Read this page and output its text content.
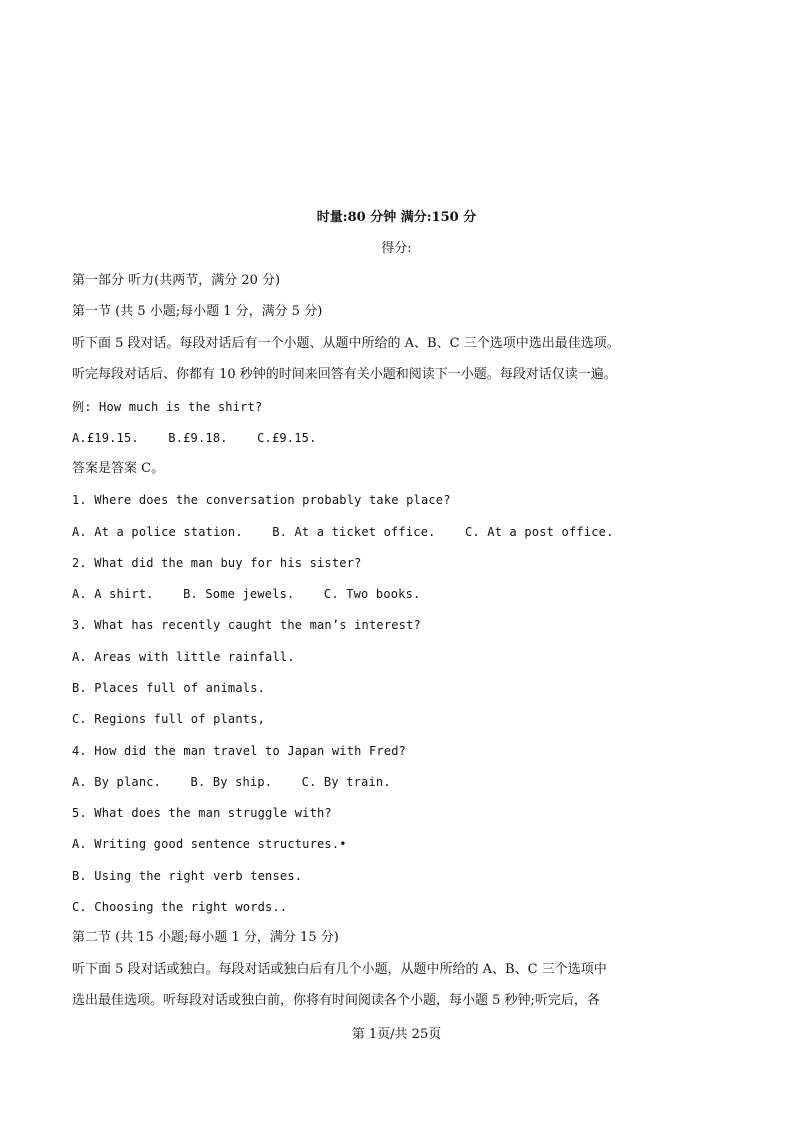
时量:80 分钟 满分:150 分
得分:
第一部分 听力(共两节，满分 20 分)
第一节 (共 5 小题;每小题 1 分，满分 5 分)
听下面 5 段对话。每段对话后有一个小题、从题中所给的 A、B、C 三个选项中选出最佳选项。
听完每段对话后、你都有 10 秒钟的时间来回答有关小题和阅读下一小题。每段对话仅读一遍。
例: How much is the shirt?
A.£19.15. B.£9.18. C.£9.15.
答案是答案 C。
1. Where does the conversation probably take place?
A. At a police station. B. At a ticket office. C. At a post office.
2. What did the man buy for his sister?
A. A shirt. B. Some jewels. C. Two books.
3. What has recently caught the man’s interest?
A. Areas with little rainfall.
B. Places full of animals.
C. Regions full of plants,
4. How did the man travel to Japan with Fred?
A. By planc. B. By ship. C. By train.
5. What does the man struggle with?
A. Writing good sentence structures.•
B. Using the right verb tenses.
C. Choosing the right words..
第二节 (共 15 小题;每小题 1 分，满分 15 分)
听下面 5 段对话或独白。每段对话或独白后有几个小题，从题中所给的 A、B、C 三个选项中
选出最佳选项。听每段对话或独白前，你将有时间阅读各个小题，每小题 5 秒钟;听完后，各
第 1页/共 25页
